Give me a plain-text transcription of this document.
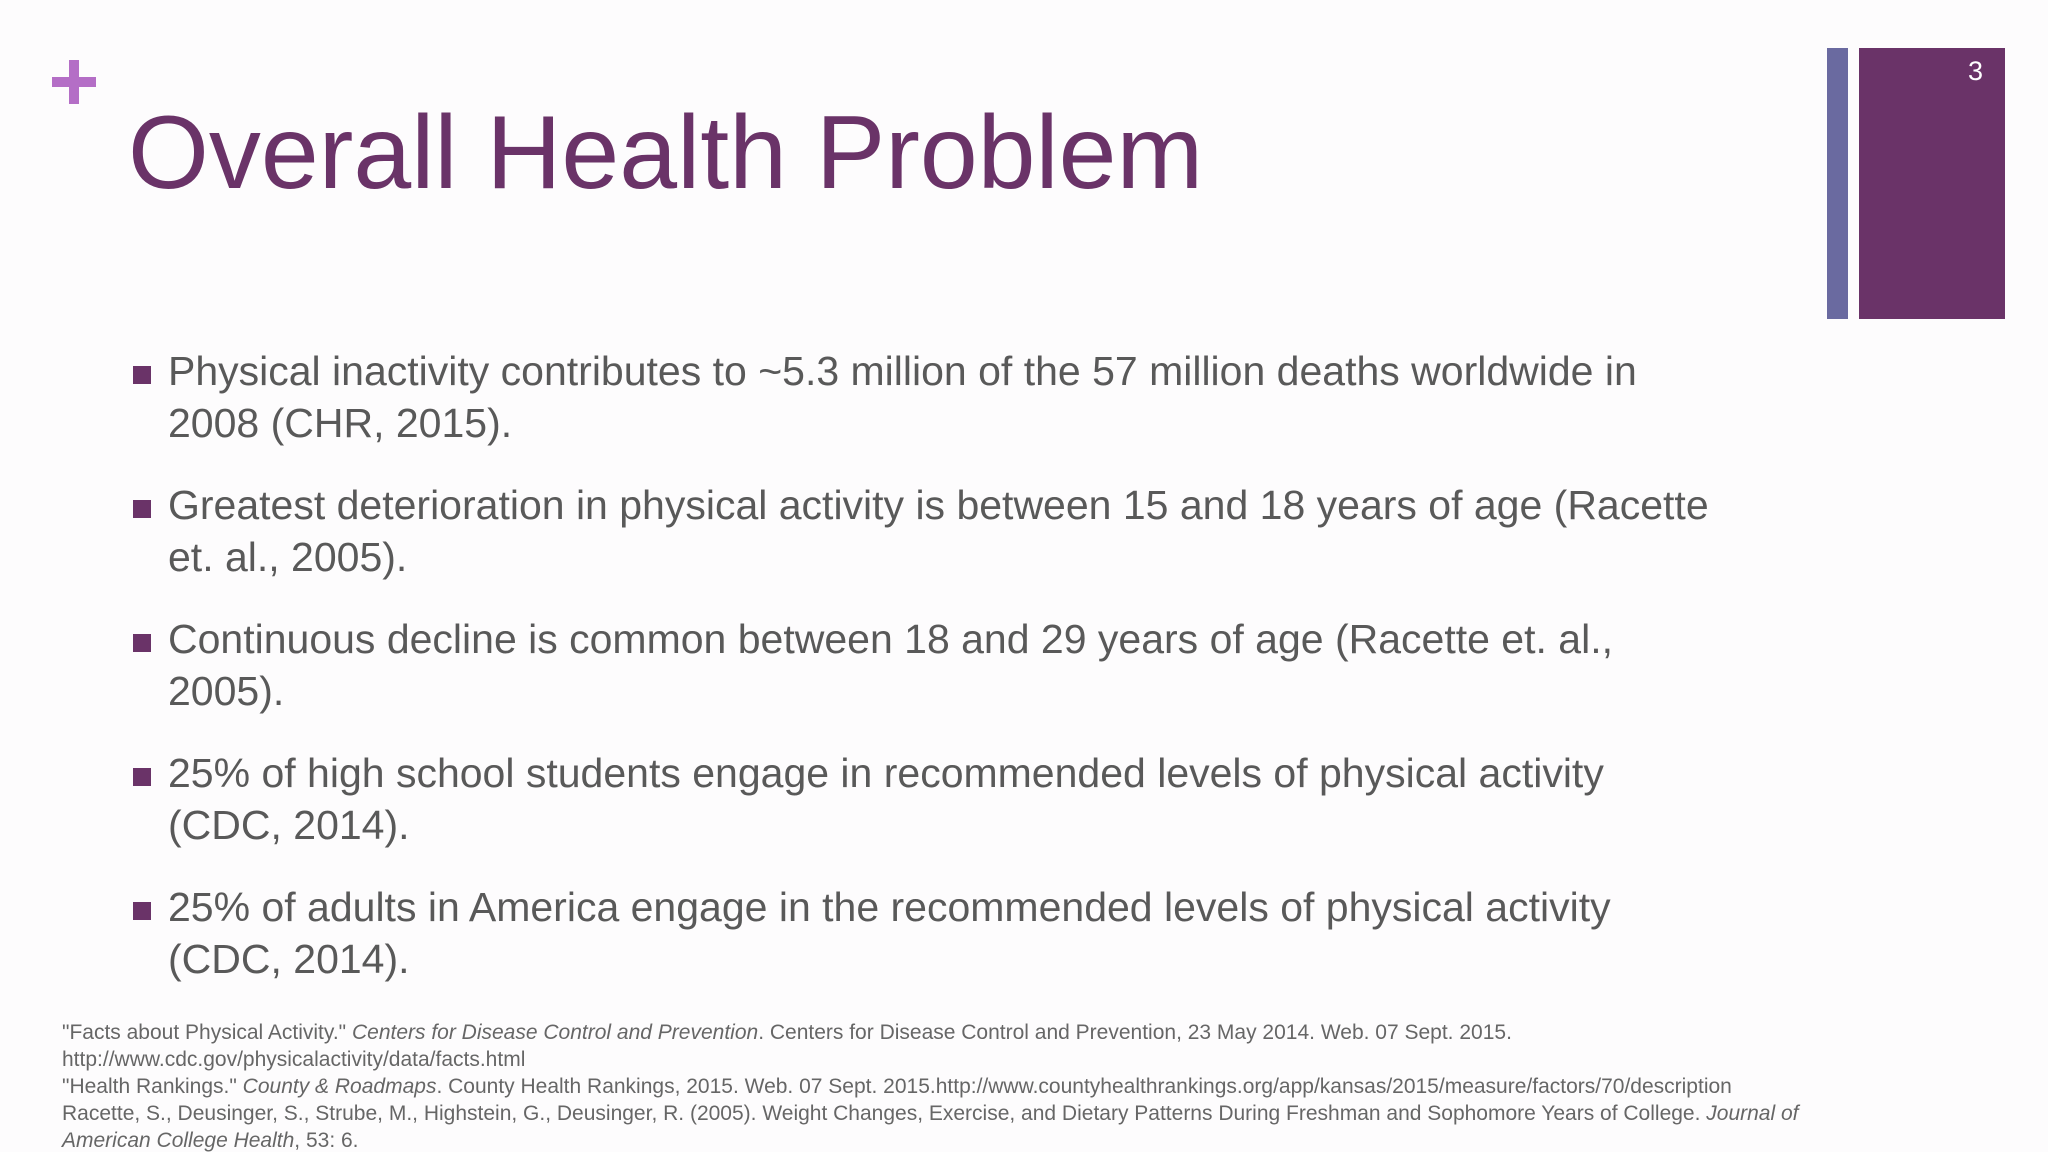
Overall Health Problem
3
Physical inactivity contributes to ~5.3 million of the 57 million deaths worldwide in
2008 (CHR, 2015).
Greatest deterioration in physical activity is between 15 and 18 years of age (Racette
et. al., 2005).
Continuous decline is common between 18 and 29 years of age (Racette et. al.,
2005).
25% of high school students engage in recommended levels of physical activity
(CDC, 2014).
25% of adults in America engage in the recommended levels of physical activity
(CDC, 2014).
"Facts about Physical Activity." Centers for Disease Control and Prevention. Centers for Disease Control and Prevention, 23 May 2014. Web. 07 Sept. 2015.
http://www.cdc.gov/physicalactivity/data/facts.html
"Health Rankings." County & Roadmaps. County Health Rankings, 2015. Web. 07 Sept. 2015.http://www.countyhealthrankings.org/app/kansas/2015/measure/factors/70/description
Racette, S., Deusinger, S., Strube, M., Highstein, G., Deusinger, R. (2005). Weight Changes, Exercise, and Dietary Patterns During Freshman and Sophomore Years of College. Journal of
American College Health, 53: 6.
